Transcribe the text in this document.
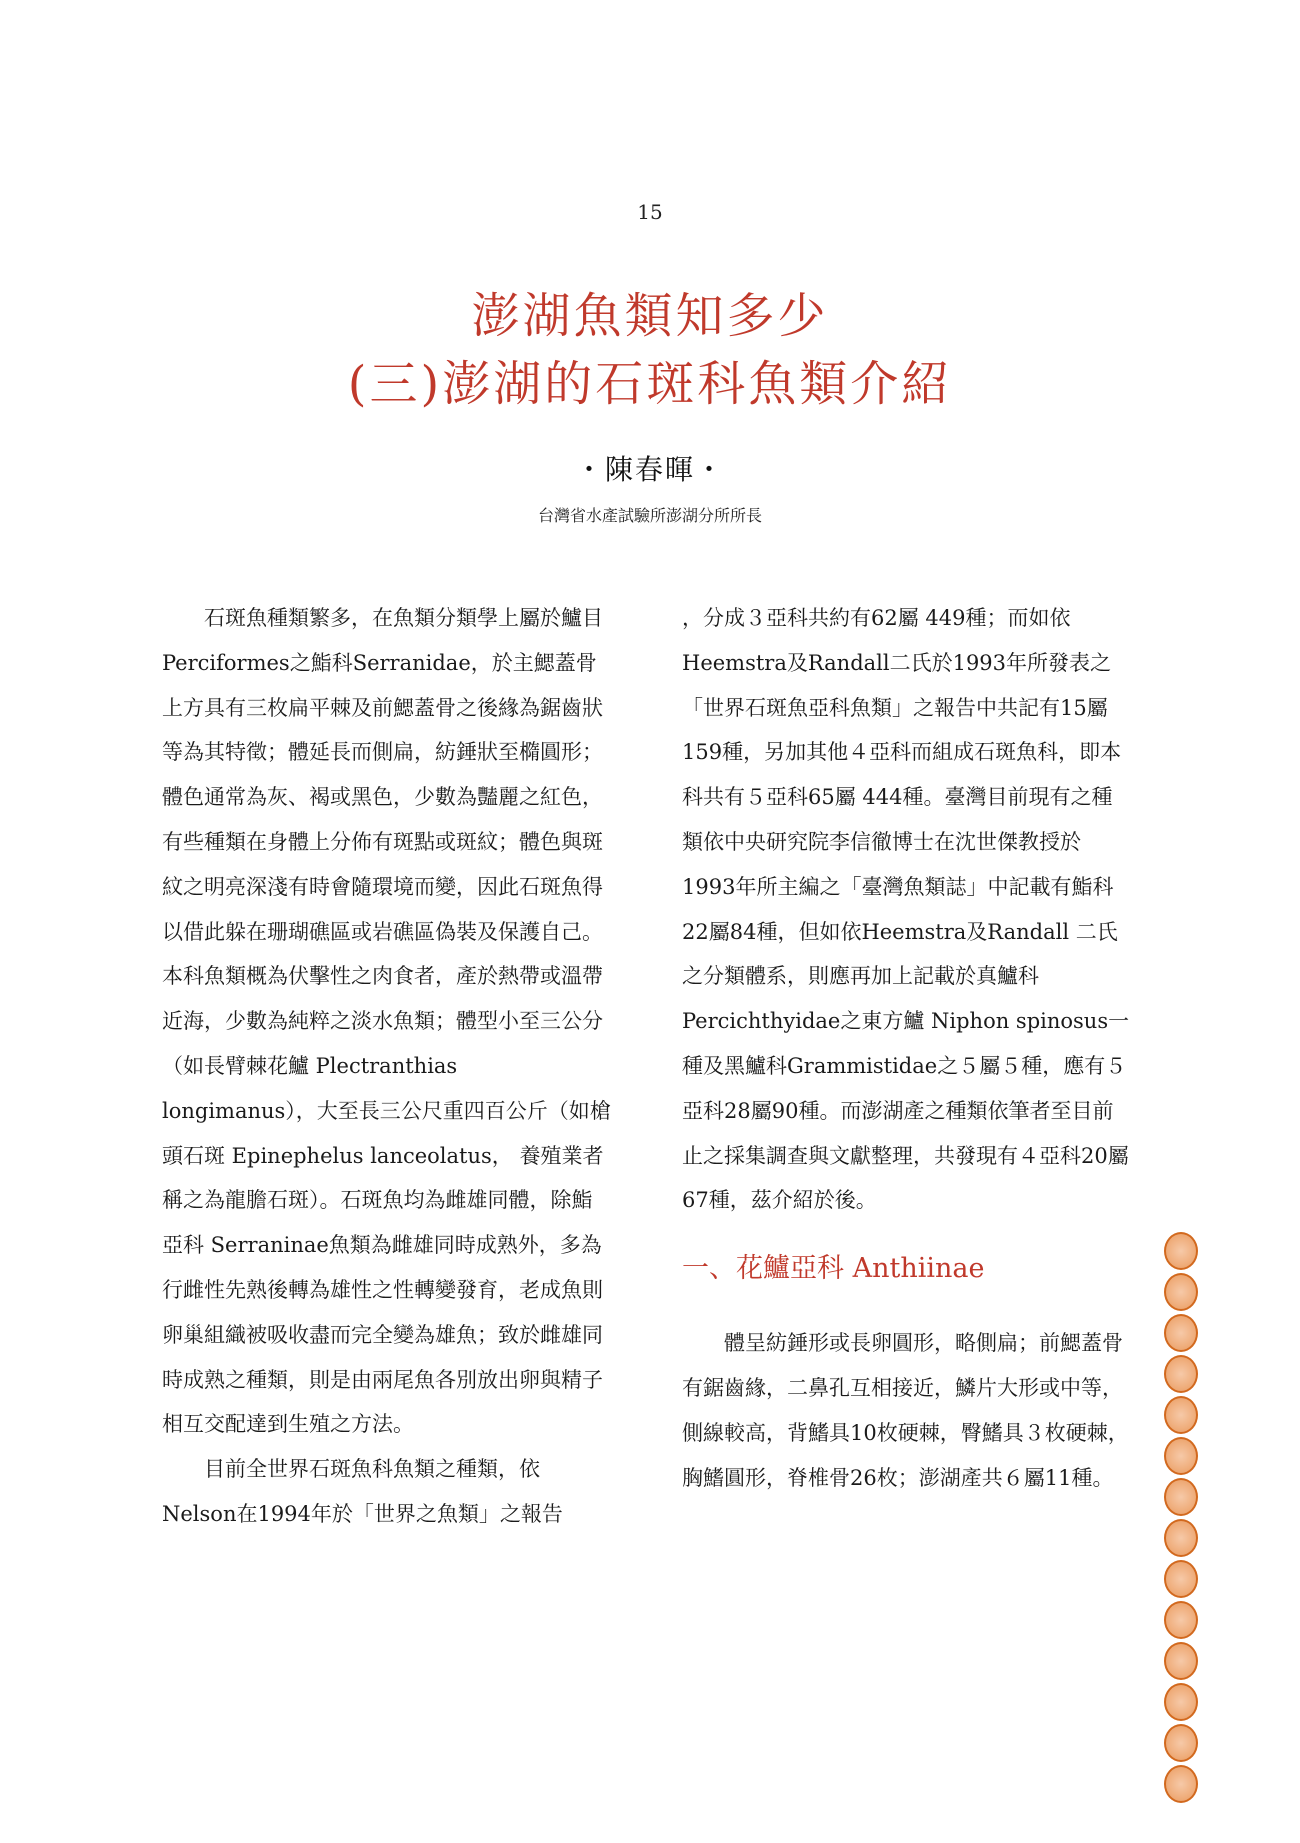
15
澎湖魚類知多少
(三)澎湖的石斑科魚類介紹
・陳春暉・
台灣省水產試驗所澎湖分所所長

石斑魚種類繁多，在魚類分類學上屬於鱸目 Perciformes之鮨科Serranidae，於主鰓蓋骨上方具有三枚扁平棘及前鰓蓋骨之後緣為鋸齒狀等為其特徵；體延長而側扁，紡錘狀至橢圓形；體色通常為灰、褐或黑色，少數為豔麗之紅色，有些種類在身體上分佈有斑點或斑紋；體色與斑紋之明亮深淺有時會隨環境而變，因此石斑魚得以借此躲在珊瑚礁區或岩礁區偽裝及保護自己。本科魚類概為伏擊性之肉食者，產於熱帶或溫帶近海，少數為純粹之淡水魚類；體型小至三公分（如長臂棘花鱸 Plectranthias longimanus），大至長三公尺重四百公斤（如槍頭石斑 Epinephelus lanceolatus， 養殖業者稱之為龍膽石斑）。石斑魚均為雌雄同體，除鮨亞科 Serraninae魚類為雌雄同時成熟外，多為行雌性先熟後轉為雄性之性轉變發育，老成魚則卵巢組織被吸收盡而完全變為雄魚；致於雌雄同時成熟之種類，則是由兩尾魚各別放出卵與精子相互交配達到生殖之方法。

目前全世界石斑魚科魚類之種類，依Nelson在1994年於「世界之魚類」之報告

，分成３亞科共約有62屬 449種；而如依Heemstra及Randall二氏於1993年所發表之「世界石斑魚亞科魚類」之報告中共記有15屬 159種，另加其他４亞科而組成石斑魚科，即本科共有５亞科65屬 444種。臺灣目前現有之種類依中央研究院李信徹博士在沈世傑教授於1993年所主編之「臺灣魚類誌」中記載有鮨科22屬84種，但如依Heemstra及Randall 二氏之分類體系，則應再加上記載於真鱸科Percichthyidae之東方鱸 Niphon spinosus一種及黑鱸科Grammistidae之５屬５種，應有５亞科28屬90種。而澎湖產之種類依筆者至目前止之採集調查與文獻整理，共發現有４亞科20屬67種，茲介紹於後。

一、花鱸亞科 Anthiinae

體呈紡錘形或長卵圓形，略側扁；前鰓蓋骨有鋸齒緣，二鼻孔互相接近，鱗片大形或中等，側線較高，背鰭具10枚硬棘，臀鰭具３枚硬棘，胸鰭圓形，脊椎骨26枚；澎湖產共６屬11種。
